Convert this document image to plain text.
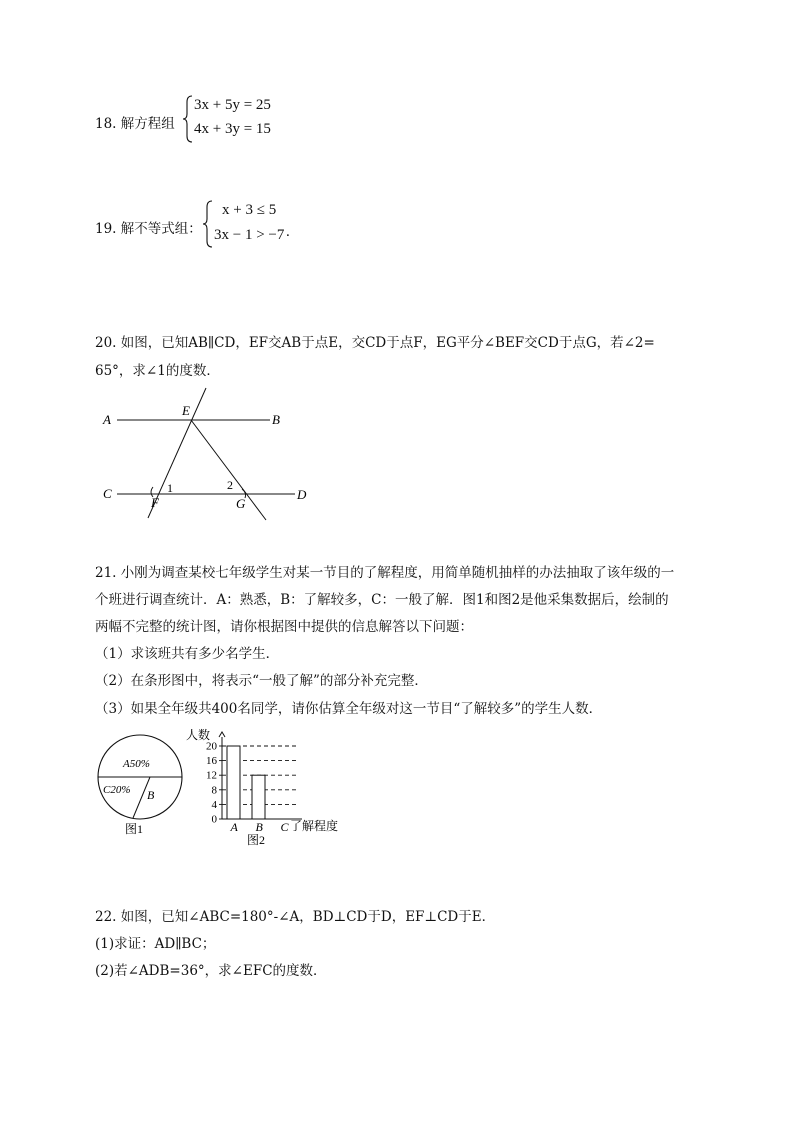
18. 解方程组
3x + 5y = 25
4x + 3y = 15
19. 解不等式组：
x + 3 ≤ 5
3x − 1 > −7 .
20. 如图，已知AB∥CD，EF交AB于点E，交CD于点F，EG平分∠BEF交CD于点G，若∠2=
65°，求∠1的度数．
A	B
C	D
E
F	G
1	2
21. 小刚为调查某校七年级学生对某一节目的了解程度，用简单随机抽样的办法抽取了该年级的一
个班进行调查统计．A：熟悉，B：了解较多，C：一般了解．图1和图2是他采集数据后，绘制的
两幅不完整的统计图，请你根据图中提供的信息解答以下问题：
（1）求该班共有多少名学生．
（2）在条形图中，将表示“一般了解”的部分补充完整．
（3）如果全年级共400名同学，请你估算全年级对这一节目“了解较多”的学生人数．
A50%
C20% B
图1
0
4
8
12
16
20
A B C
人数
了解程度
图2
22. 如图，已知∠ABC=180°-∠A，BD⊥CD于D，EF⊥CD于E．
(1)求证：AD∥BC；
(2)若∠ADB=36°，求∠EFC的度数．
